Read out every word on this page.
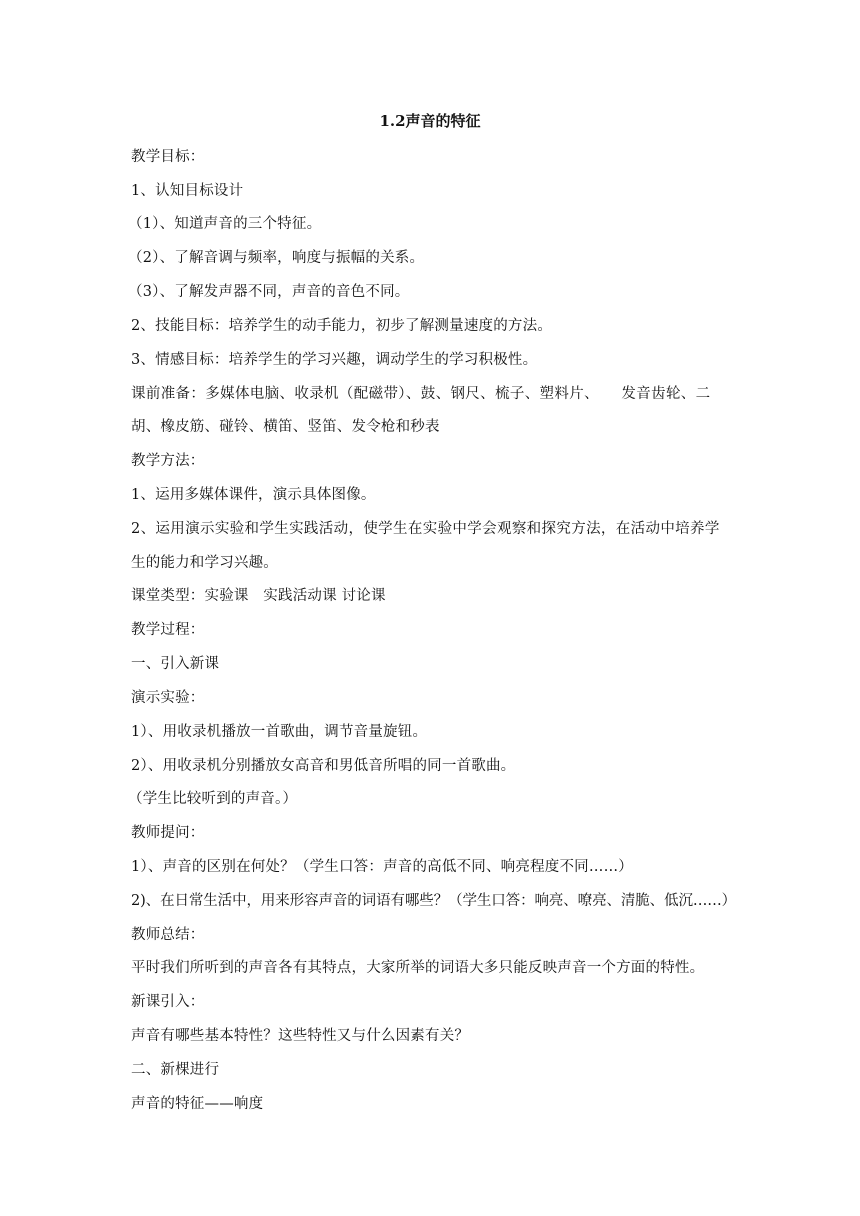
1.2声音的特征
教学目标：
1、认知目标设计
（1）、知道声音的三个特征。
（2）、了解音调与频率，响度与振幅的关系。
（3）、了解发声器不同，声音的音色不同。
2、技能目标：培养学生的动手能力，初步了解测量速度的方法。
3、情感目标：培养学生的学习兴趣，调动学生的学习积极性。
课前准备：多媒体电脑、收录机（配磁带）、鼓、钢尺、梳子、塑料片、　　发音齿轮、二
胡、橡皮筋、碰铃、横笛、竖笛、发令枪和秒表
教学方法：
1、运用多媒体课件，演示具体图像。
2、运用演示实验和学生实践活动，使学生在实验中学会观察和探究方法，在活动中培养学
生的能力和学习兴趣。
课堂类型：实验课　实践活动课 讨论课
教学过程：
一、引入新课
演示实验：
1）、用收录机播放一首歌曲，调节音量旋钮。
2）、用收录机分别播放女高音和男低音所唱的同一首歌曲。
（学生比较听到的声音。）
教师提问：
1）、声音的区别在何处？（学生口答：声音的高低不同、响亮程度不同……）
2)、在日常生活中，用来形容声音的词语有哪些？（学生口答：响亮、嘹亮、清脆、低沉……）
教师总结：
平时我们所听到的声音各有其特点，大家所举的词语大多只能反映声音一个方面的特性。
新课引入：
声音有哪些基本特性？这些特性又与什么因素有关？
二、新棵进行
声音的特征——响度
